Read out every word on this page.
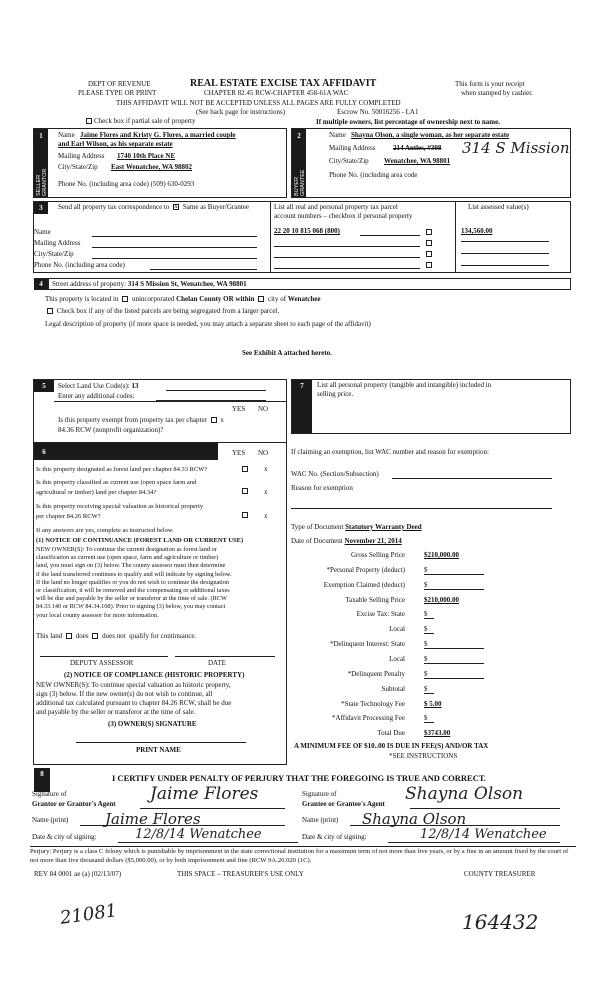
DEPT OF REVENUE
PLEASE TYPE OR PRINT
REAL ESTATE EXCISE TAX AFFIDAVIT
CHAPTER 82.45 RCW-CHAPTER 458-61A WAC
This form is your receipt
when stamped by cashier.
THIS AFFIDAVIT WILL NOT BE ACCEPTED UNLESS ALL PAGES ARE FULLY COMPLETED
(See back page for instructions)	Escrow No. 50016256 - LA1
Check box if partial sale of property	If multiple owners, list percentage of ownership next to name.
1
SELLER GRANTOR
Name Jaime Flores and Kristy G. Flores, a married couple
and Earl Wilson, as his separate estate
Mailing Address 1740 10th Place NE
City/State/Zip East Wenatchee, WA 98802
Phone No. (including area code) (509) 630-0293
2
BUYER GRANTEE
Name Shayna Olson, a single woman, as her separate estate
Mailing Address	214 Antles, #308 314 S Mission
City/State/Zip Wenatchee, WA 98801
Phone No. (including area code
3	Send all property tax correspondence to x Same as Buyer/Grantee	List all real and personal property tax parcel
account numbers – checkbox if personal property
List assessed value(s)
22 20 10 815 068 (800)	134,560.00
Name
Mailing Address
City/State/Zip
Phone No. (including area code)
4	Street address of property: 314 S Mission St, Wenatchee, WA 98801
This property is located in unincorporated Chelan County OR within city of Wenatchee
Check box if any of the listed parcels are being segregated from a larger parcel.
Legal description of property (if more space is needed, you may attach a separate sheet to each page of the affidavit)
See Exhibit A attached hereto.
5	Select Land Use Code(s): 13
Enter any additional codes:
YES NO
Is this property exempt from property tax per chapter x
84.36 RCW (nonprofit organization)?
6	YES NO
Is this property designated as forest land per chapter 84.33 RCW?	x
Is this property classified as current use (open space farm and
agricultural or timber) land per chapter 84.34?	x
Is this property receiving special valuation as historical property
per chapter 84.26 RCW?	x
If any answers are yes, complete as instructed below.
(1) NOTICE OF CONTINUANCE (FOREST LAND OR CURRENT USE)
NEW OWNER(S): To continue the current designation as forest land or
classification as current use (open space, farm and agriculture or timber)
land, you must sign on (3) below. The county assessor must then determine
if the land transferred continues to qualify and will indicate by signing below.
If the land no longer qualifies or you do not wish to continue the designation
or classification, it will be removed and the compensating or additional taxes
will be due and payable by the seller or transferor at the time of sale. (RCW
84.33.140 or RCW 84.34.108). Prior to signing (3) below, you may contact
your local county assessor for more information.
This land does does not qualify for continuance.
DEPUTY ASSESSOR	DATE
(2) NOTICE OF COMPLIANCE (HISTORIC PROPERTY)
NEW OWNER(S): To continue special valuation as historic property,
sign (3) below. If the new owner(s) do not wish to continue, all
additional tax calculated pursuant to chapter 84.26 RCW, shall be due
and payable by the seller or transferor at the time of sale.
(3) OWNER(S) SIGNATURE
PRINT NAME
7	List all personal property (tangible and intangible) included in
selling price.
If claiming an exemption, list WAC number and reason for exemption:
WAC No. (Section/Subsection)
Reason for exemption
Type of Document Statutory Warranty Deed
Date of Document November 21, 2014
Gross Selling Price	$210,000.00
*Personal Property (deduct)	$
Exemption Claimed (deduct)	$
Taxable Selling Price	$210,000.00
Excise Tax: State	$
Local	$
*Delinquent Interest: State	$
Local	$
*Delinquent Penalty	$
Subtotal	$
*State Technology Fee	$ 5.00
*Affidavit Processing Fee	$
Total Due	$3743.00
A MINIMUM FEE OF $10..00 IS DUE IN FEE(S) AND/OR TAX
*SEE INSTRUCTIONS
8	I CERTIFY UNDER PENALTY OF PERJURY THAT THE FOREGOING IS TRUE AND CORRECT.
Signature of
Grantor or Grantor's Agent Jaime Flores
Name (print) Jaime Flores
Date & city of signing:	12/8/14 Wenatchee
Signature of
Grantee or Grantee's Agent Shayna Olson
Name (print) Shayna Olson
Date & city of signing:	12/8/14 Wenatchee
Perjury: Perjury is a class C felony which is punishable by imprisonment in the state correctional institution for a maximum term of not more than five years, or by a fine in an amount fixed by the court of not more than five thousand dollars ($5,000.00), or by both imprisonment and fine (RCW 9A.20.020 (1C).
REV 84 0001 ae (a) (02/13/07)	THIS SPACE – TREASURER'S USE ONLY	COUNTY TREASURER
21081	164432
